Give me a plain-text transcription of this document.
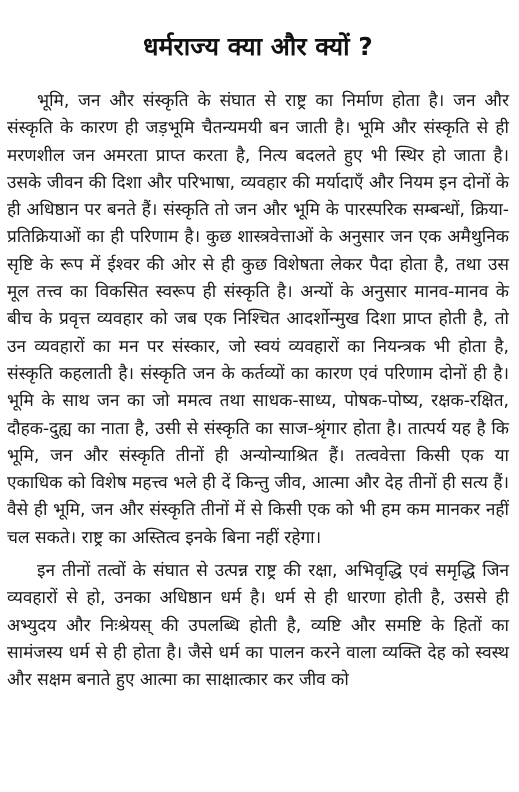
धर्मराज्य क्या और क्यों ?

भूमि, जन और संस्कृति के संघात से राष्ट्र का निर्माण होता है। जन और संस्कृति के कारण ही जड़भूमि चैतन्यमयी बन जाती है। भूमि और संस्कृति से ही मरणशील जन अमरता प्राप्त करता है, नित्य बदलते हुए भी स्थिर हो जाता है। उसके जीवन की दिशा और परिभाषा, व्यवहार की मर्यादाएँ और नियम इन दोनों के ही अधिष्ठान पर बनते हैं। संस्कृति तो जन और भूमि के पारस्परिक सम्बन्धों, क्रिया-प्रतिक्रियाओं का ही परिणाम है। कुछ शास्त्रवेत्ताओं के अनुसार जन एक अमैथुनिक सृष्टि के रूप में ईश्वर की ओर से ही कुछ विशेषता लेकर पैदा होता है, तथा उस मूल तत्त्व का विकसित स्वरूप ही संस्कृति है। अन्यों के अनुसार मानव-मानव के बीच के प्रवृत्त व्यवहार को जब एक निश्चित आदर्शोन्मुख दिशा प्राप्त होती है, तो उन व्यवहारों का मन पर संस्कार, जो स्वयं व्यवहारों का नियन्त्रक भी होता है, संस्कृति कहलाती है। संस्कृति जन के कर्तव्यों का कारण एवं परिणाम दोनों ही है। भूमि के साथ जन का जो ममत्व तथा साधक-साध्य, पोषक-पोष्य, रक्षक-रक्षित, दौहक-दुह्य का नाता है, उसी से संस्कृति का साज-श्रृंगार होता है। तात्पर्य यह है कि भूमि, जन और संस्कृति तीनों ही अन्योन्याश्रित हैं। तत्ववेत्ता किसी एक या एकाधिक को विशेष महत्त्व भले ही दें किन्तु जीव, आत्मा और देह तीनों ही सत्य हैं। वैसे ही भूमि, जन और संस्कृति तीनों में से किसी एक को भी हम कम मानकर नहीं चल सकते। राष्ट्र का अस्तित्व इनके बिना नहीं रहेगा।

इन तीनों तत्वों के संघात से उत्पन्न राष्ट्र की रक्षा, अभिवृद्धि एवं समृद्धि जिन व्यवहारों से हो, उनका अधिष्ठान धर्म है। धर्म से ही धारणा होती है, उससे ही अभ्युदय और निःश्रेयस् की उपलब्धि होती है, व्यष्टि और समष्टि के हितों का सामंजस्य धर्म से ही होता है। जैसे धर्म का पालन करने वाला व्यक्ति देह को स्वस्थ और सक्षम बनाते हुए आत्मा का साक्षात्कार कर जीव को
